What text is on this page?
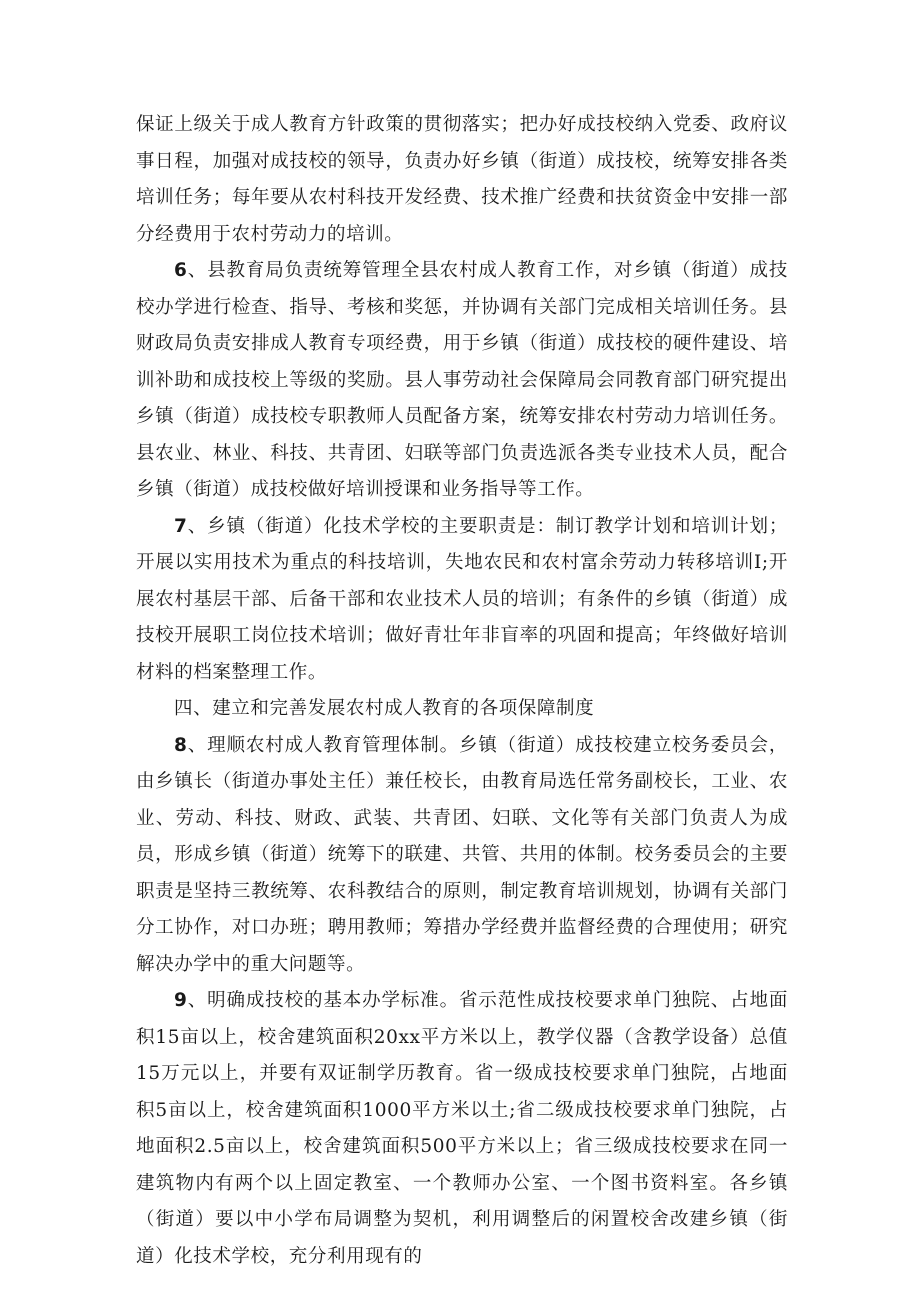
保证上级关于成人教育方针政策的贯彻落实；把办好成技校纳入党委、政府议事日程，加强对成技校的领导，负责办好乡镇（街道）成技校，统筹安排各类培训任务；每年要从农村科技开发经费、技术推广经费和扶贫资金中安排一部分经费用于农村劳动力的培训。

6、县教育局负责统筹管理全县农村成人教育工作，对乡镇（街道）成技校办学进行检查、指导、考核和奖惩，并协调有关部门完成相关培训任务。县财政局负责安排成人教育专项经费，用于乡镇（街道）成技校的硬件建设、培训补助和成技校上等级的奖励。县人事劳动社会保障局会同教育部门研究提出乡镇（街道）成技校专职教师人员配备方案，统筹安排农村劳动力培训任务。县农业、林业、科技、共青团、妇联等部门负责选派各类专业技术人员，配合乡镇（街道）成技校做好培训授课和业务指导等工作。

7、乡镇（街道）化技术学校的主要职责是：制订教学计划和培训计划；开展以实用技术为重点的科技培训，失地农民和农村富余劳动力转移培训I;开展农村基层干部、后备干部和农业技术人员的培训；有条件的乡镇（街道）成技校开展职工岗位技术培训；做好青壮年非盲率的巩固和提高；年终做好培训材料的档案整理工作。

四、建立和完善发展农村成人教育的各项保障制度

8、理顺农村成人教育管理体制。乡镇（街道）成技校建立校务委员会，由乡镇长（街道办事处主任）兼任校长，由教育局选任常务副校长，工业、农业、劳动、科技、财政、武装、共青团、妇联、文化等有关部门负责人为成员，形成乡镇（街道）统筹下的联建、共管、共用的体制。校务委员会的主要职责是坚持三教统筹、农科教结合的原则，制定教育培训规划，协调有关部门分工协作，对口办班；聘用教师；筹措办学经费并监督经费的合理使用；研究解决办学中的重大问题等。

9、明确成技校的基本办学标准。省示范性成技校要求单门独院、占地面积15亩以上，校舍建筑面积20xx平方米以上，教学仪器（含教学设备）总值15万元以上，并要有双证制学历教育。省一级成技校要求单门独院，占地面积5亩以上，校舍建筑面积1000平方米以土;省二级成技校要求单门独院，占地面积2.5亩以上，校舍建筑面积500平方米以上；省三级成技校要求在同一建筑物内有两个以上固定教室、一个教师办公室、一个图书资料室。各乡镇（街道）要以中小学布局调整为契机，利用调整后的闲置校舍改建乡镇（街道）化技术学校，充分利用现有的
